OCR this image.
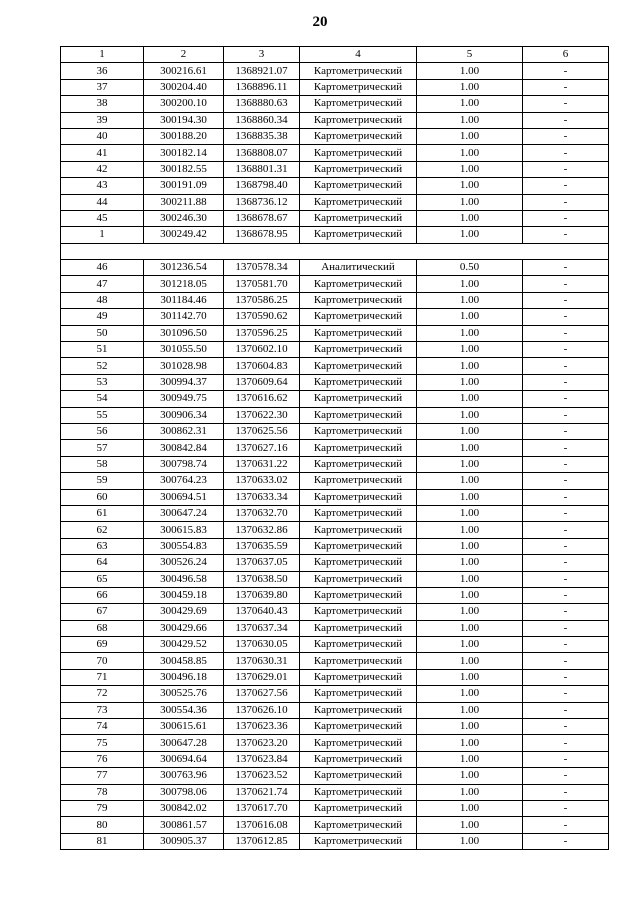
20
1	2	3	4	5	6
36	300216.61	1368921.07	Картометрический	1.00	-
37	300204.40	1368896.11	Картометрический	1.00	-
38	300200.10	1368880.63	Картометрический	1.00	-
39	300194.30	1368860.34	Картометрический	1.00	-
40	300188.20	1368835.38	Картометрический	1.00	-
41	300182.14	1368808.07	Картометрический	1.00	-
42	300182.55	1368801.31	Картометрический	1.00	-
43	300191.09	1368798.40	Картометрический	1.00	-
44	300211.88	1368736.12	Картометрический	1.00	-
45	300246.30	1368678.67	Картометрический	1.00	-
1	300249.42	1368678.95	Картометрический	1.00	-

46	301236.54	1370578.34	Аналитический	0.50	-
47	301218.05	1370581.70	Картометрический	1.00	-
48	301184.46	1370586.25	Картометрический	1.00	-
49	301142.70	1370590.62	Картометрический	1.00	-
50	301096.50	1370596.25	Картометрический	1.00	-
51	301055.50	1370602.10	Картометрический	1.00	-
52	301028.98	1370604.83	Картометрический	1.00	-
53	300994.37	1370609.64	Картометрический	1.00	-
54	300949.75	1370616.62	Картометрический	1.00	-
55	300906.34	1370622.30	Картометрический	1.00	-
56	300862.31	1370625.56	Картометрический	1.00	-
57	300842.84	1370627.16	Картометрический	1.00	-
58	300798.74	1370631.22	Картометрический	1.00	-
59	300764.23	1370633.02	Картометрический	1.00	-
60	300694.51	1370633.34	Картометрический	1.00	-
61	300647.24	1370632.70	Картометрический	1.00	-
62	300615.83	1370632.86	Картометрический	1.00	-
63	300554.83	1370635.59	Картометрический	1.00	-
64	300526.24	1370637.05	Картометрический	1.00	-
65	300496.58	1370638.50	Картометрический	1.00	-
66	300459.18	1370639.80	Картометрический	1.00	-
67	300429.69	1370640.43	Картометрический	1.00	-
68	300429.66	1370637.34	Картометрический	1.00	-
69	300429.52	1370630.05	Картометрический	1.00	-
70	300458.85	1370630.31	Картометрический	1.00	-
71	300496.18	1370629.01	Картометрический	1.00	-
72	300525.76	1370627.56	Картометрический	1.00	-
73	300554.36	1370626.10	Картометрический	1.00	-
74	300615.61	1370623.36	Картометрический	1.00	-
75	300647.28	1370623.20	Картометрический	1.00	-
76	300694.64	1370623.84	Картометрический	1.00	-
77	300763.96	1370623.52	Картометрический	1.00	-
78	300798.06	1370621.74	Картометрический	1.00	-
79	300842.02	1370617.70	Картометрический	1.00	-
80	300861.57	1370616.08	Картометрический	1.00	-
81	300905.37	1370612.85	Картометрический	1.00	-
